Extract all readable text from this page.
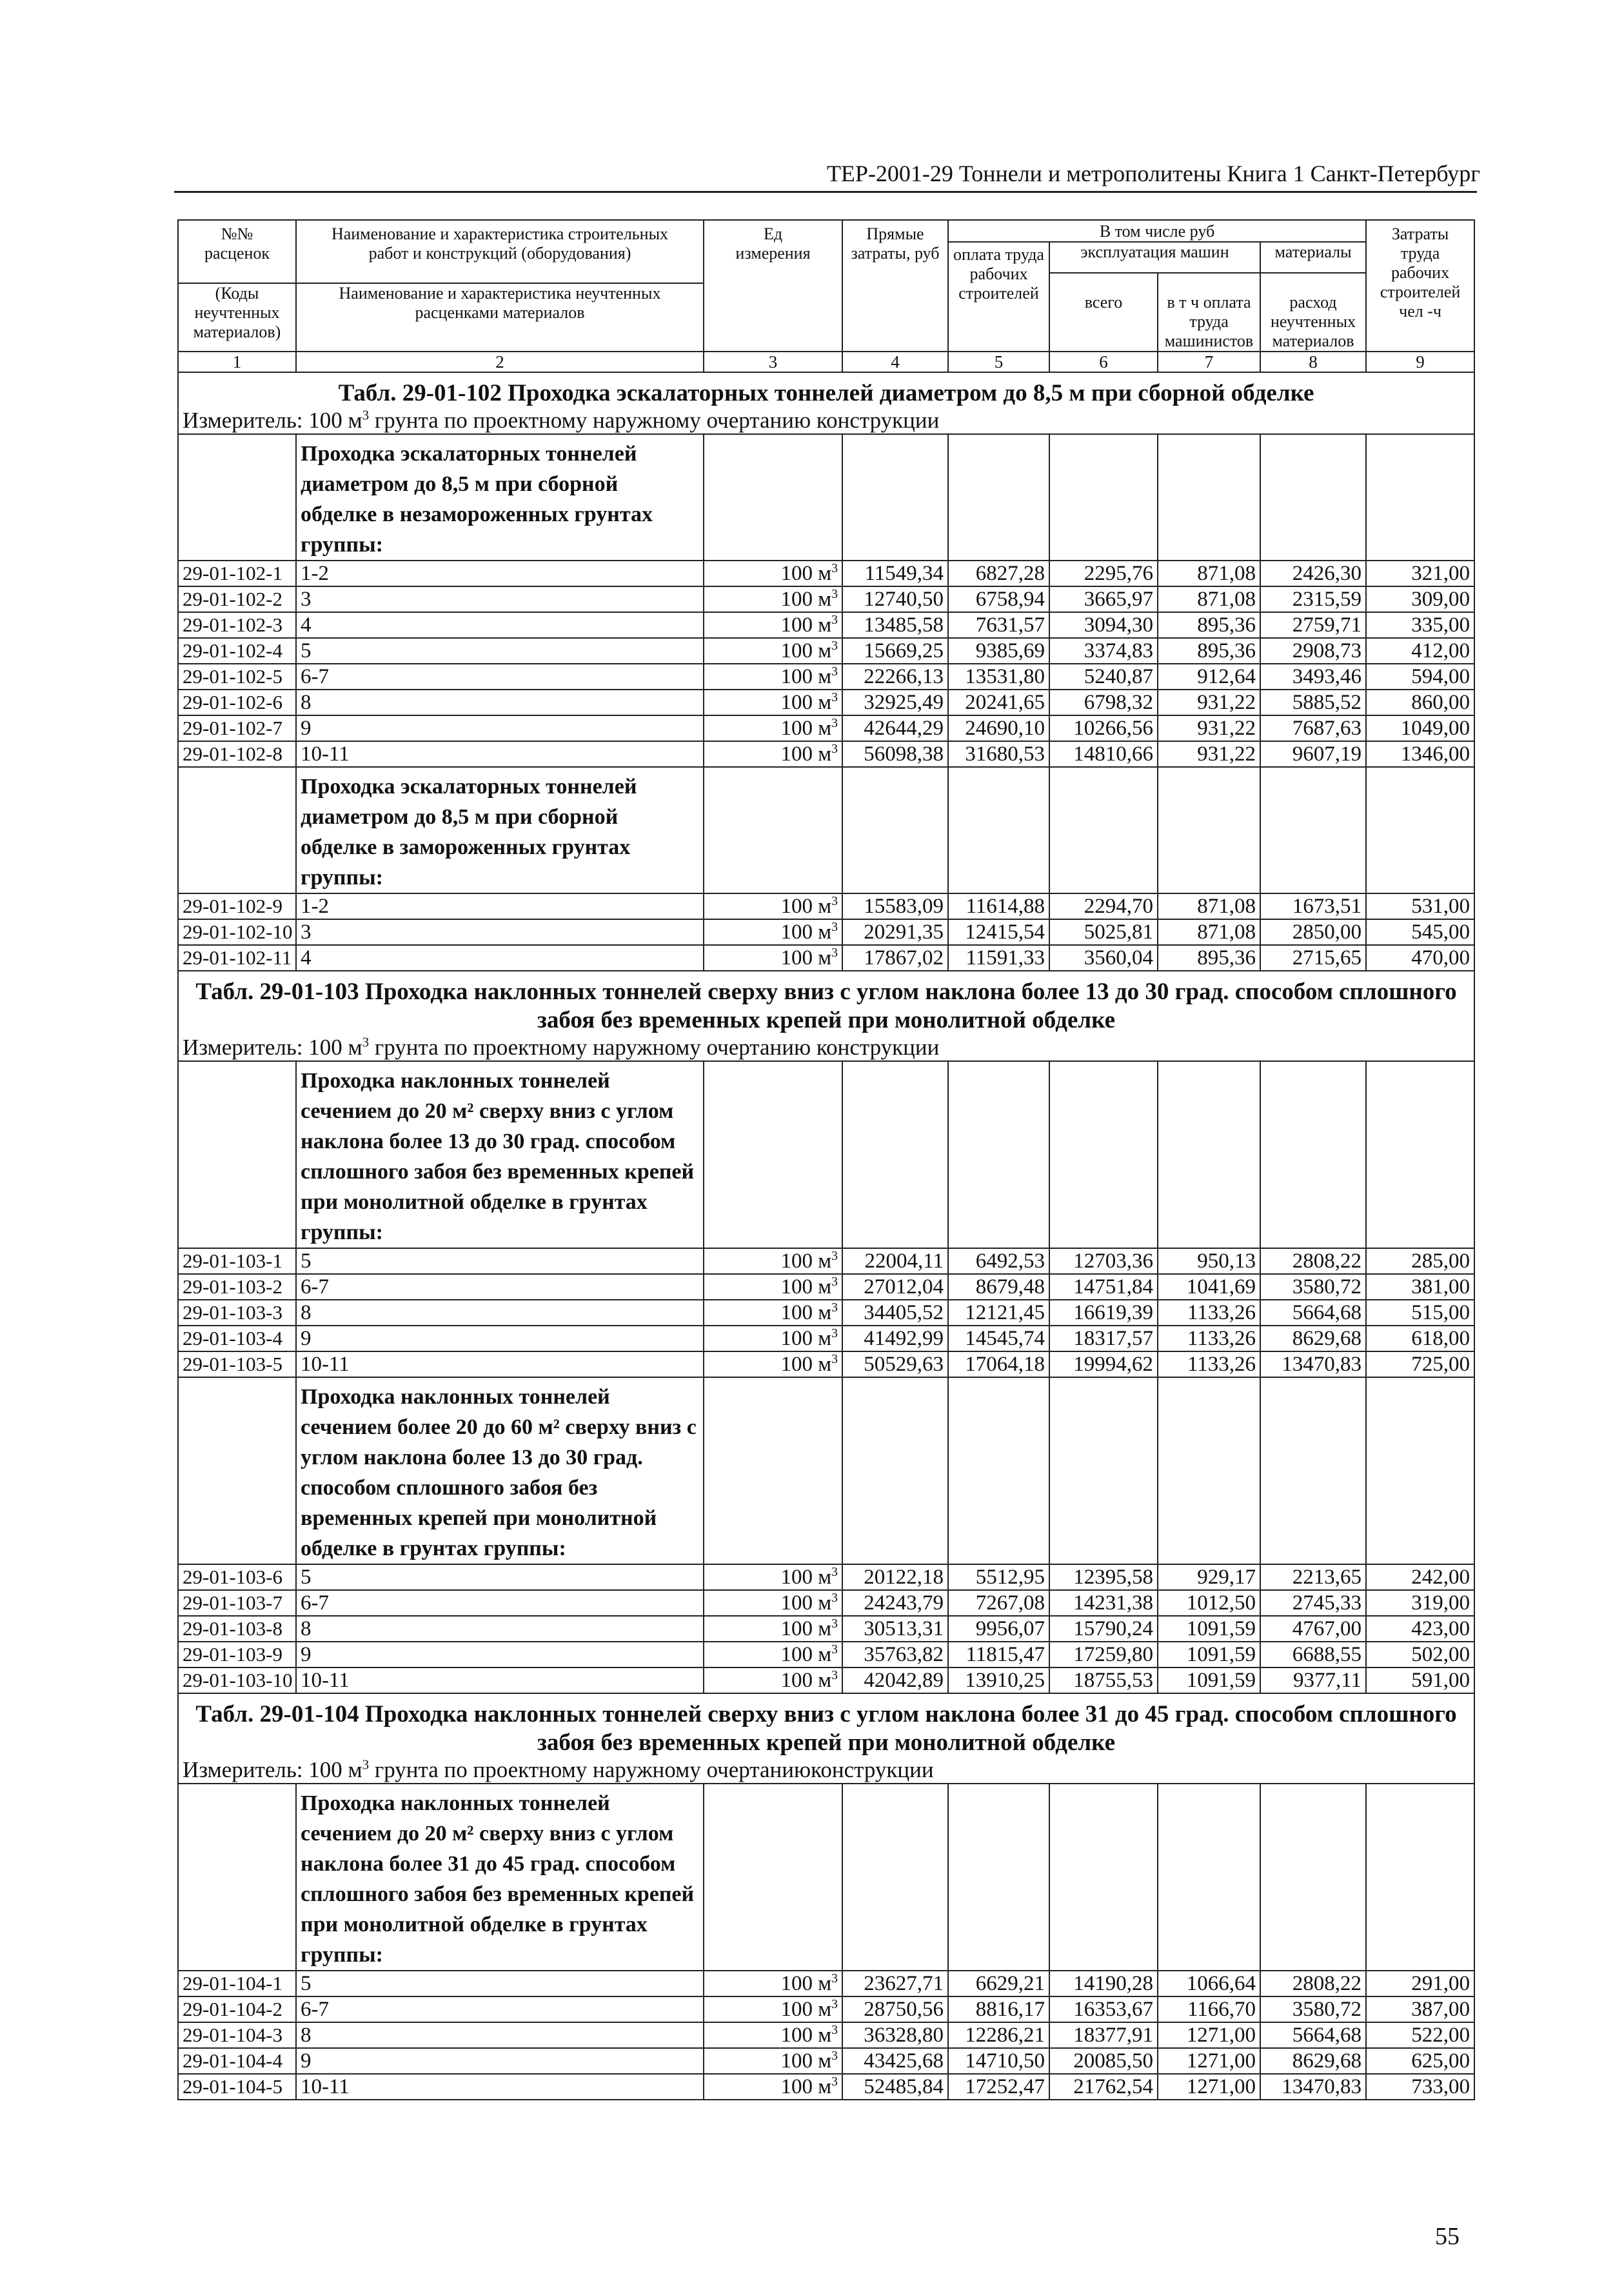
ТЕР-2001-29 Тоннели и метрополитены Книга 1 Санкт-Петербург
№№ расценок	Наименование и характеристика строительных работ и конструкций (оборудования)	Ед измерения	Прямые затраты, руб	В том числе руб				Затраты труда рабочих строителей чел -ч

				оплата труда рабочих строителей	эксплуатация машин		материалы	

					всего	в т ч оплата труда машинистов	расход неучтенных материалов	

(Коды неучтенных материалов)	Наименование и характеристика неучтенных расценками материалов							

1	2	3	4	5	6	7	8	9
Табл. 29-01-102 Проходка эскалаторных тоннелей диаметром до 8,5 м при сборной обделке								
Измеритель: 100 $м^3$ грунта по проектному наружному очертанию конструкции								
	Проходка эскалаторных тоннелей диаметром до 8,5 м при сборной обделке в незамороженных грунтах группы:							
29-01-102-1	1-2	100 $м^3$	11549,34	6827,28	2295,76	871,08	2426,30	321,00
29-01-102-2	3	100 $м^3$	12740,50	6758,94	3665,97	871,08	2315,59	309,00
29-01-102-3	4	100 $м^3$	13485,58	7631,57	3094,30	895,36	2759,71	335,00
29-01-102-4	5	100 $м^3$	15669,25	9385,69	3374,83	895,36	2908,73	412,00
29-01-102-5	6-7	100 $м^3$	22266,13	13531,80	5240,87	912,64	3493,46	594,00
29-01-102-6	8	100 $м^3$	32925,49	20241,65	6798,32	931,22	5885,52	860,00
29-01-102-7	9	100 $м^3$	42644,29	24690,10	10266,56	931,22	7687,63	1049,00
29-01-102-8	10-11	100 $м^3$	56098,38	31680,53	14810,66	931,22	9607,19	1346,00
	Проходка эскалаторных тоннелей диаметром до 8,5 м при сборной обделке в замороженных грунтах группы:							
29-01-102-9	1-2	100 $м^3$	15583,09	11614,88	2294,70	871,08	1673,51	531,00
29-01-102-10	3	100 $м^3$	20291,35	12415,54	5025,81	871,08	2850,00	545,00
29-01-102-11	4	100 $м^3$	17867,02	11591,33	3560,04	895,36	2715,65	470,00
Табл. 29-01-103 Проходка наклонных тоннелей сверху вниз с углом наклона более 13 до 30 град. способом сплошного забоя без временных крепей при монолитной обделке								
Измеритель: 100 $м^3$ грунта по проектному наружному очертанию конструкции								
	Проходка наклонных тоннелей сечением до 20 м² сверху вниз с углом наклона более 13 до 30 град. способом сплошного забоя без временных крепей при монолитной обделке в грунтах группы:							
29-01-103-1	5	100 $м^3$	22004,11	6492,53	12703,36	950,13	2808,22	285,00
29-01-103-2	6-7	100 $м^3$	27012,04	8679,48	14751,84	1041,69	3580,72	381,00
29-01-103-3	8	100 $м^3$	34405,52	12121,45	16619,39	1133,26	5664,68	515,00
29-01-103-4	9	100 $м^3$	41492,99	14545,74	18317,57	1133,26	8629,68	618,00
29-01-103-5	10-11	100 $м^3$	50529,63	17064,18	19994,62	1133,26	13470,83	725,00
	Проходка наклонных тоннелей сечением более 20 до 60 м² сверху вниз с углом наклона более 13 до 30 град. способом сплошного забоя без временных крепей при монолитной обделке в грунтах группы:							
29-01-103-6	5	100 $м^3$	20122,18	5512,95	12395,58	929,17	2213,65	242,00
29-01-103-7	6-7	100 $м^3$	24243,79	7267,08	14231,38	1012,50	2745,33	319,00
29-01-103-8	8	100 $м^3$	30513,31	9956,07	15790,24	1091,59	4767,00	423,00
29-01-103-9	9	100 $м^3$	35763,82	11815,47	17259,80	1091,59	6688,55	502,00
29-01-103-10	10-11	100 $м^3$	42042,89	13910,25	18755,53	1091,59	9377,11	591,00
Табл. 29-01-104 Проходка наклонных тоннелей сверху вниз с углом наклона более 31 до 45 град. способом сплошного забоя без временных крепей при монолитной обделке								
Измеритель: 100 $м^3$ грунта по проектному наружному очертаниюконструкции								
	Проходка наклонных тоннелей сечением до 20 м² сверху вниз с углом наклона более 31 до 45 град. способом сплошного забоя без временных крепей при монолитной обделке в грунтах группы:							
29-01-104-1	5	100 $м^3$	23627,71	6629,21	14190,28	1066,64	2808,22	291,00
29-01-104-2	6-7	100 $м^3$	28750,56	8816,17	16353,67	1166,70	3580,72	387,00
29-01-104-3	8	100 $м^3$	36328,80	12286,21	18377,91	1271,00	5664,68	522,00
29-01-104-4	9	100 $м^3$	43425,68	14710,50	20085,50	1271,00	8629,68	625,00
29-01-104-5	10-11	100 $м^3$	52485,84	17252,47	21762,54	1271,00	13470,83	733,00
55
